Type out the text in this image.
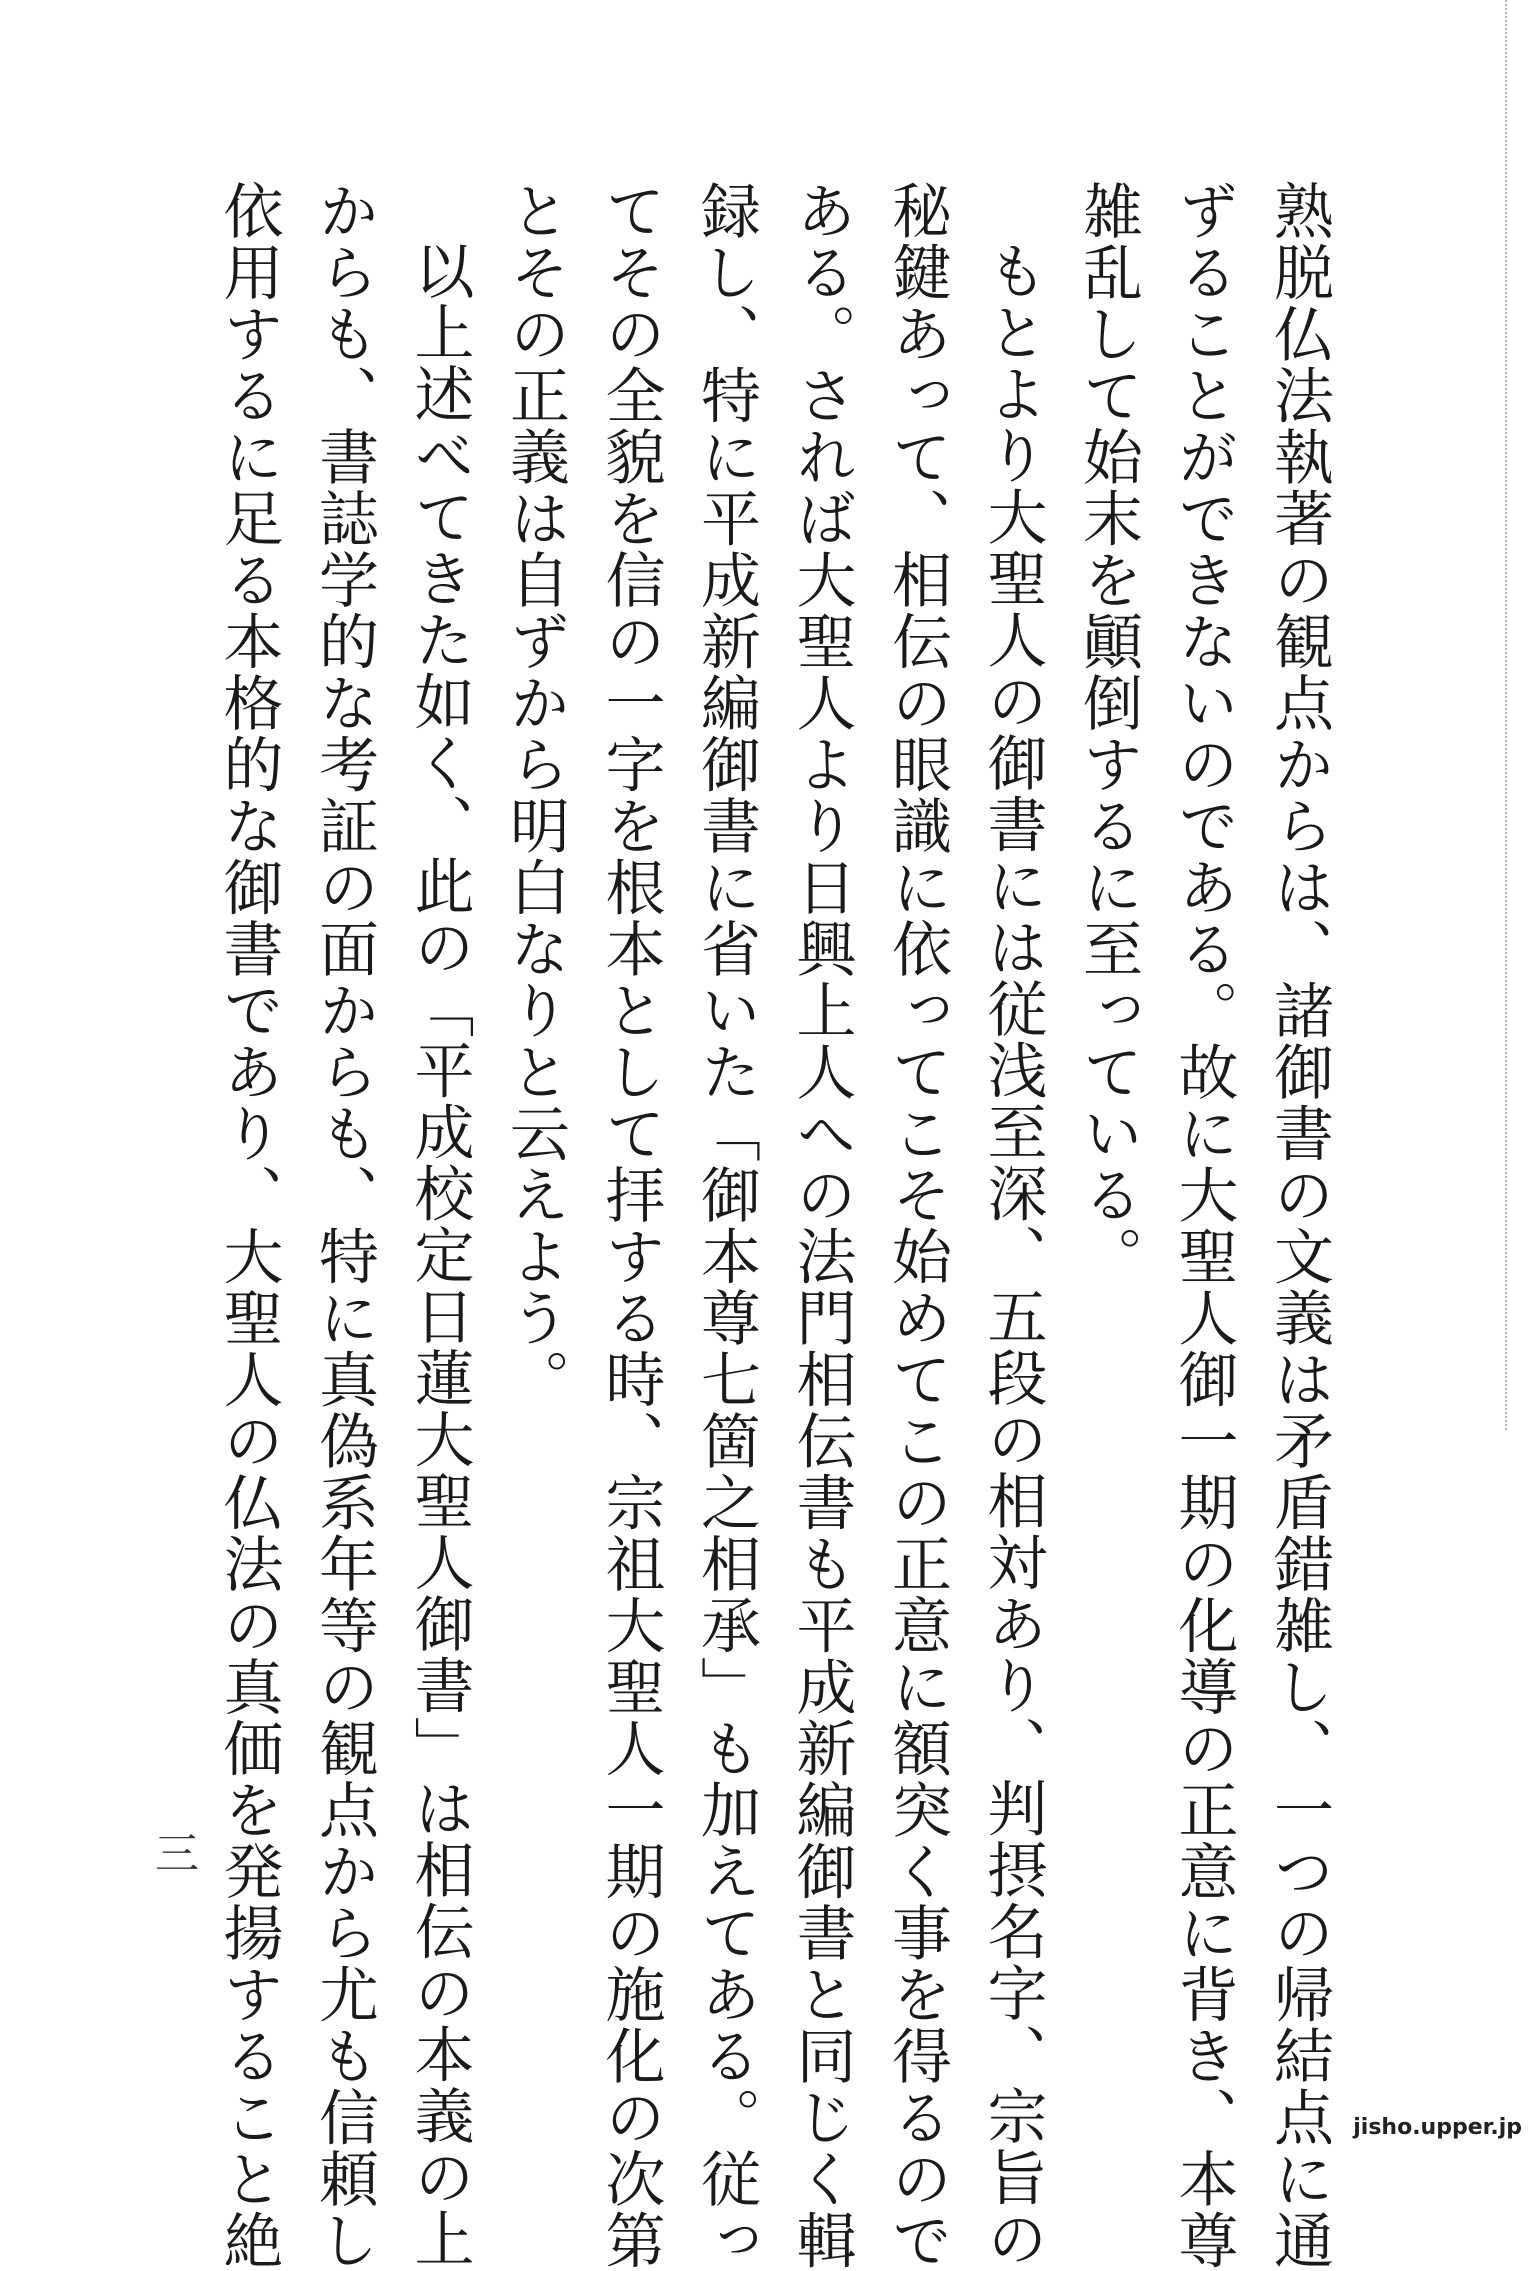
熟脱仏法執著の観点からは、諸御書の文義は矛盾錯雑し、一つの帰結点に通
ずることができないのである。故に大聖人御一期の化導の正意に背き、本尊
雑乱して始末を顚倒するに至っている。
もとより大聖人の御書には従浅至深、五段の相対あり、判摂名字、宗旨の
秘鍵あって、相伝の眼識に依ってこそ始めてこの正意に額突く事を得るので
ある。されば大聖人より日興上人への法門相伝書も平成新編御書と同じく輯
録し、特に平成新編御書に省いた「御本尊七箇之相承」も加えてある。従っ
てその全貌を信の一字を根本として拝する時、宗祖大聖人一期の施化の次第
とその正義は自ずから明白なりと云えよう。
以上述べてきた如く、此の「平成校定日蓮大聖人御書」は相伝の本義の上
からも、書誌学的な考証の面からも、特に真偽系年等の観点から尤も信頼し
依用するに足る本格的な御書であり、大聖人の仏法の真価を発揚すること絶
三
jisho.upper.jp
